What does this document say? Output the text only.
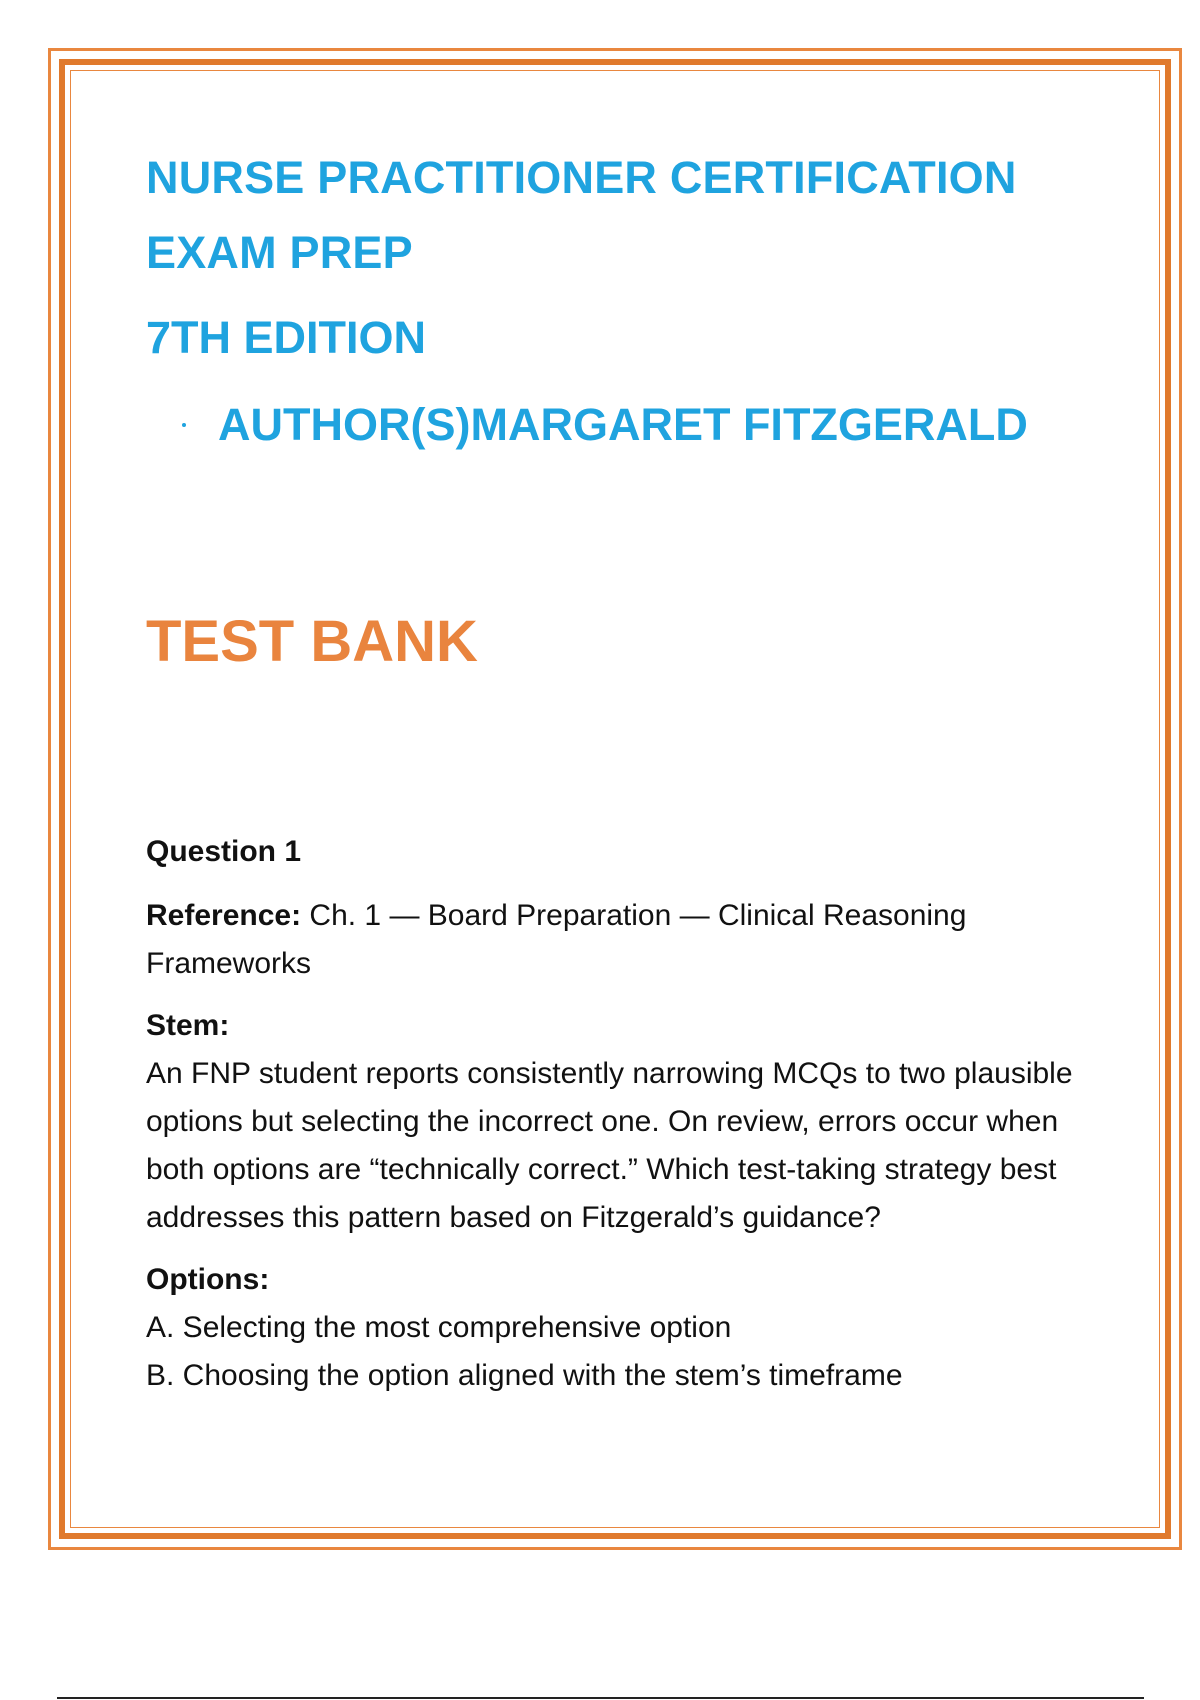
NURSE PRACTITIONER CERTIFICATION
EXAM PREP
7TH EDITION
AUTHOR(S)MARGARET FITZGERALD
TEST BANK

Question 1

Reference: Ch. 1 — Board Preparation — Clinical Reasoning Frameworks

Stem:

An FNP student reports consistently narrowing MCQs to two plausible options but selecting the incorrect one. On review, errors occur when both options are “technically correct.” Which test-taking strategy best addresses this pattern based on Fitzgerald’s guidance?

Options:

A. Selecting the most comprehensive option

B. Choosing the option aligned with the stem’s timeframe
